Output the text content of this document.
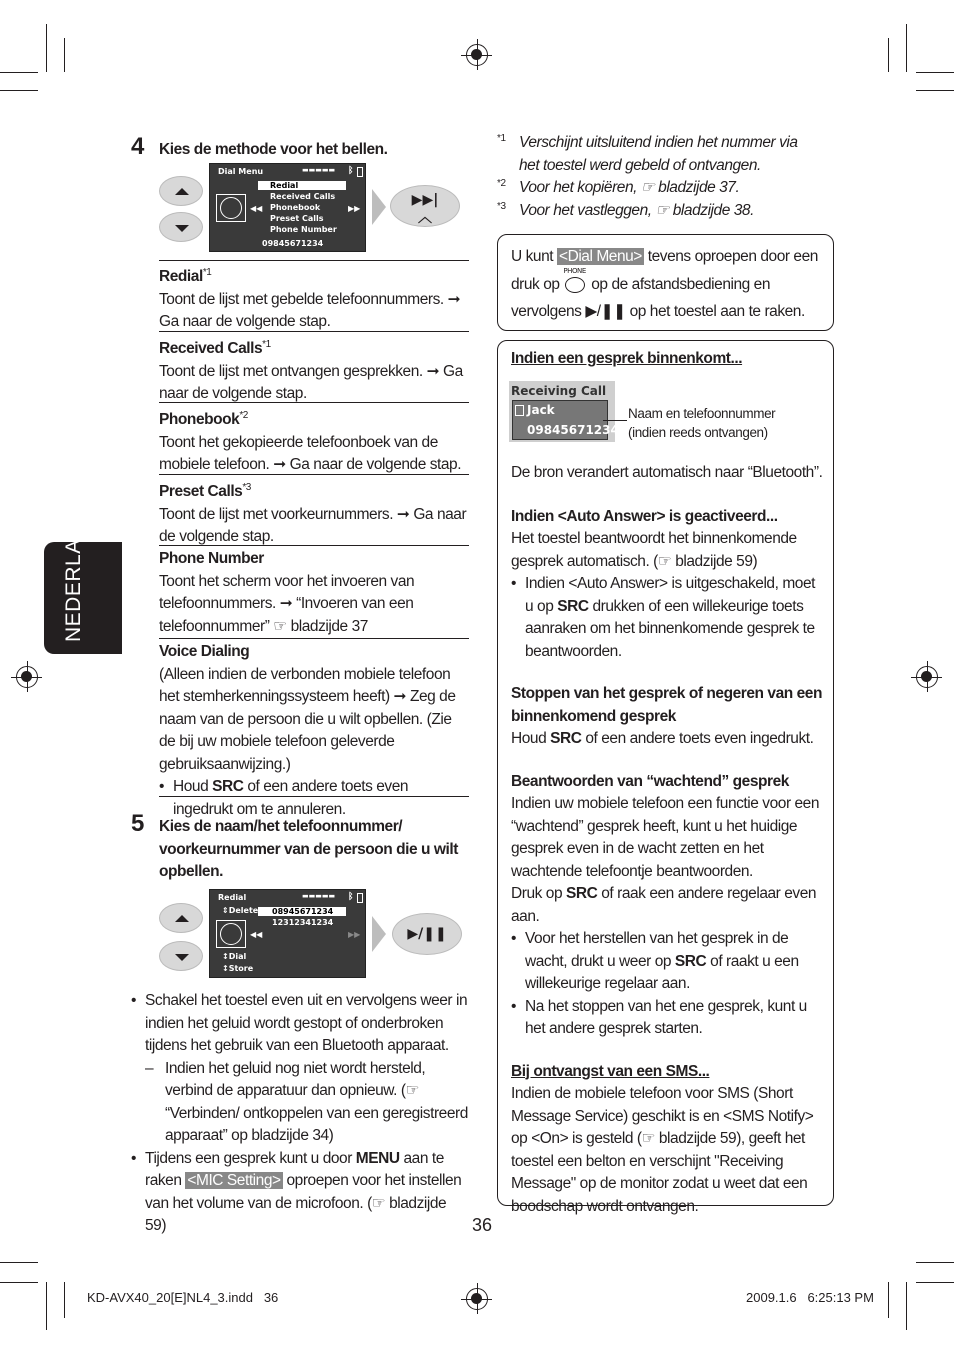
NEDERLANDS
4 Kies de methode voor het bellen.
Dial Menu	▬▬▬▬▬ ᛒ
◀◀	▶▶
Redial
Received Calls
Phonebook
Preset Calls
Phone Number
09845671234
▶▶|
︿
Redial$^{*1}$
Toont de lijst met gebelde telefoonnummers. ➞ Ga naar de volgende stap.
Received Calls$^{*1}$
Toont de lijst met ontvangen gesprekken. ➞ Ga naar de volgende stap.
Phonebook$^{*2}$
Toont het gekopieerde telefoonboek van de mobiele telefoon. ➞ Ga naar de volgende stap.
Preset Calls$^{*3}$
Toont de lijst met voorkeurnummers. ➞ Ga naar de volgende stap.
Phone Number
Toont het scherm voor het invoeren van telefoonnummers. ➞ “Invoeren van een telefoonnummer” ☞ bladzijde 37
Voice Dialing
(Alleen indien de verbonden mobiele telefoon het stemherkenningssysteem heeft) ➞ Zeg de naam van de persoon die u wilt opbellen. (Zie de bij uw mobiele telefoon geleverde gebruiksaanwijzing.)
• Houd SRC of een andere toets even ingedrukt om te annuleren.
5 Kies de naam/het telefoonnummer/ voorkeurnummer van de persoon die u wilt opbellen.
Redial	▬▬▬▬▬ ᛒ
⇕Delete
◀◀	▶▶
08945671234
12312341234
↕Dial
↕Store
▶/❚❚
• Schakel het toestel even uit en vervolgens weer in indien het geluid wordt gestopt of onderbroken tijdens het gebruik van een Bluetooth apparaat.
– Indien het geluid nog niet wordt hersteld, verbind de apparatuur dan opnieuw. (☞ “Verbinden/ ontkoppelen van een geregistreerd apparaat” op bladzijde 34)
• Tijdens een gesprek kunt u door MENU aan te raken <MIC Setting> oproepen voor het instellen van het volume van de microfoon. (☞ bladzijde 59)
*1 Verschijnt uitsluitend indien het nummer via het toestel werd gebeld of ontvangen.
*2 Voor het kopiëren, ☞ bladzijde 37.
*3 Voor het vastleggen, ☞ bladzijde 38.
U kunt <Dial Menu> tevens oproepen door een druk op
PHONE
op de afstandsbediening en vervolgens ▶/❚❚ op het toestel aan te raken.
Indien een gesprek binnenkomt...
Receiving Call
Jack
09845671234
Naam en telefoonnummer (indien reeds ontvangen)
De bron verandert automatisch naar “Bluetooth”.
Indien <Auto Answer> is geactiveerd...
Het toestel beantwoordt het binnenkomende gesprek automatisch. (☞ bladzijde 59)
• Indien <Auto Answer> is uitgeschakeld, moet u op SRC drukken of een willekeurige toets aanraken om het binnenkomende gesprek te beantwoorden.
Stoppen van het gesprek of negeren van een binnenkomend gesprek
Houd SRC of een andere toets even ingedrukt.
Beantwoorden van “wachtend” gesprek
Indien uw mobiele telefoon een functie voor een “wachtend” gesprek heeft, kunt u het huidige gesprek even in de wacht zetten en het wachtende telefoontje beantwoorden.
Druk op SRC of raak een andere regelaar even aan.
• Voor het herstellen van het gesprek in de wacht, drukt u weer op SRC of raakt u een willekeurige regelaar aan.
• Na het stoppen van het ene gesprek, kunt u het andere gesprek starten.
Bij ontvangst van een SMS...
Indien de mobiele telefoon voor SMS (Short Message Service) geschikt is en <SMS Notify> op <On> is gesteld (☞ bladzijde 59), geeft het toestel een belton en verschijnt "Receiving Message" op de monitor zodat u weet dat een boodschap wordt ontvangen.
36
KD-AVX40_20[E]NL4_3.indd   36	2009.1.6   6:25:13 PM
